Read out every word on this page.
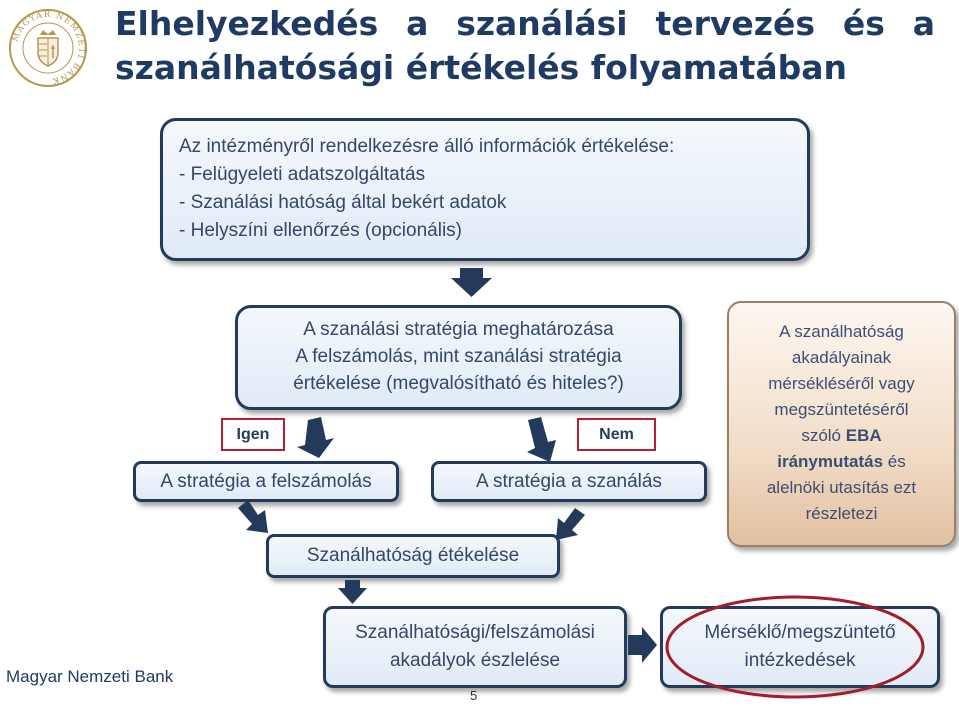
MAGYAR NEMZETI BANK
Elhelyezkedés a szanálási tervezés és a
szanálhatósági értékelés folyamatában
Az intézményről rendelkezésre álló információk értékelése:
- Felügyeleti adatszolgáltatás
- Szanálási hatóság által bekért adatok
- Helyszíni ellenőrzés (opcionális)
A szanálási stratégia meghatározása
A felszámolás, mint szanálási stratégia
értékelése (megvalósítható és hiteles?)
Igen	Nem
A stratégia a felszámolás	A stratégia a szanálás
Szanálhatóság étékelése
Szanálhatósági/felszámolási
akadályok észlelése
Mérséklő/megszüntető
intézkedések
A szanálhatóság
akadályainak
mérsékléséről vagy
megszüntetéséről
szóló EBA
iránymutatás és
alelnöki utasítás ezt
részletezi
Magyar Nemzeti Bank
5
